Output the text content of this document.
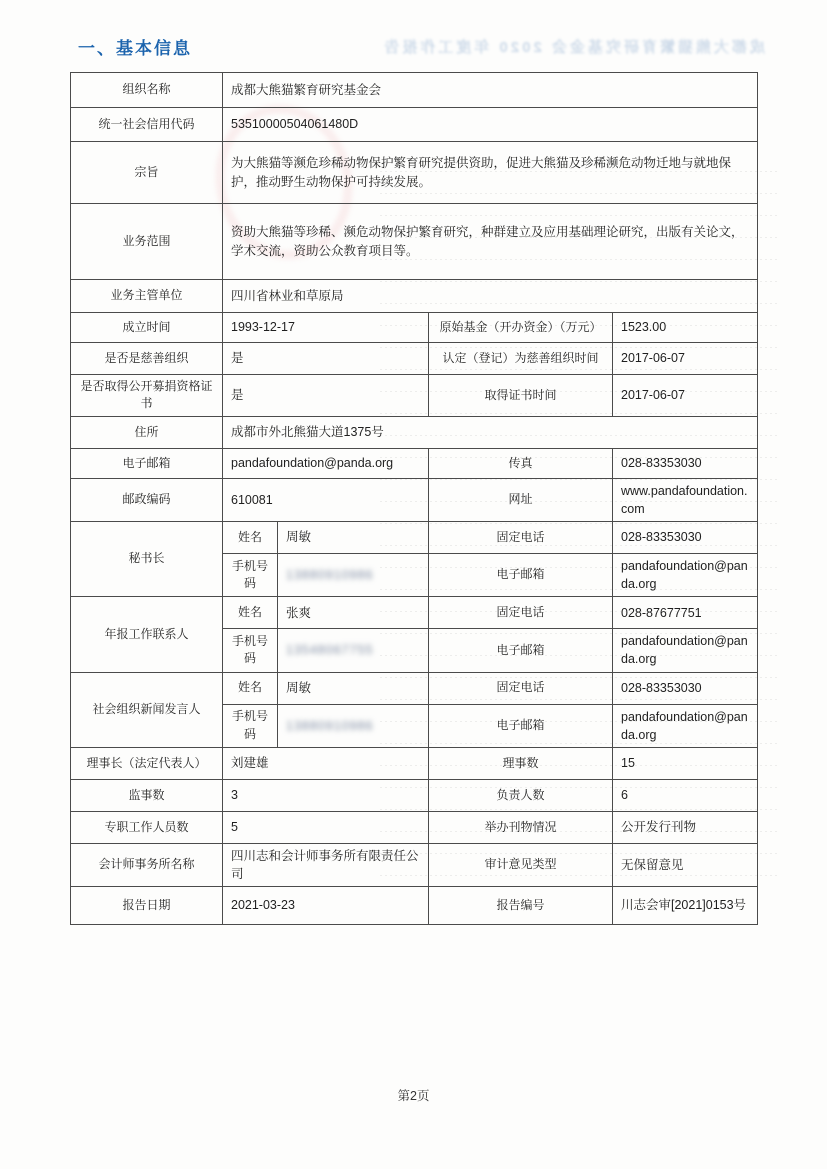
成都大熊猫繁育研究基金会 2020 年度工作报告
一、基本信息
组织名称	成都大熊猫繁育研究基金会			
统一社会信用代码	53510000504061480D			
宗旨	为大熊猫等濒危珍稀动物保护繁育研究提供资助，促进大熊猫及珍稀濒危动物迁地与就地保护，推动野生动物保护可持续发展。			
业务范围	资助大熊猫等珍稀、濒危动物保护繁育研究，种群建立及应用基础理论研究，出版有关论文，学术交流，资助公众教育项目等。			
业务主管单位	四川省林业和草原局			
成立时间	1993-12-17		原始基金（开办资金）（万元）	1523.00
是否是慈善组织	是		认定（登记）为慈善组织时间	2017-06-07
是否取得公开募捐资格证书	是		取得证书时间	2017-06-07
住所	成都市外北熊猫大道1375号			
电子邮箱	pandafoundation@panda.org		传真	028-83353030
邮政编码	610081		网址	www.pandafoundation.com
秘书长	姓名	周敏	固定电话	028-83353030
	手机号码	13880910986	电子邮箱	pandafoundation@panda.org
年报工作联系人	姓名	张爽	固定电话	028-87677751
	手机号码	13548067755	电子邮箱	pandafoundation@panda.org
社会组织新闻发言人	姓名	周敏	固定电话	028-83353030
	手机号码	13880910986	电子邮箱	pandafoundation@panda.org
理事长（法定代表人）	刘建雄		理事数	15
监事数	3		负责人数	6
专职工作人员数	5		举办刊物情况	公开发行刊物
会计师事务所名称	四川志和会计师事务所有限责任公司		审计意见类型	无保留意见
报告日期	2021-03-23		报告编号	川志会审[2021]0153号
第2页
